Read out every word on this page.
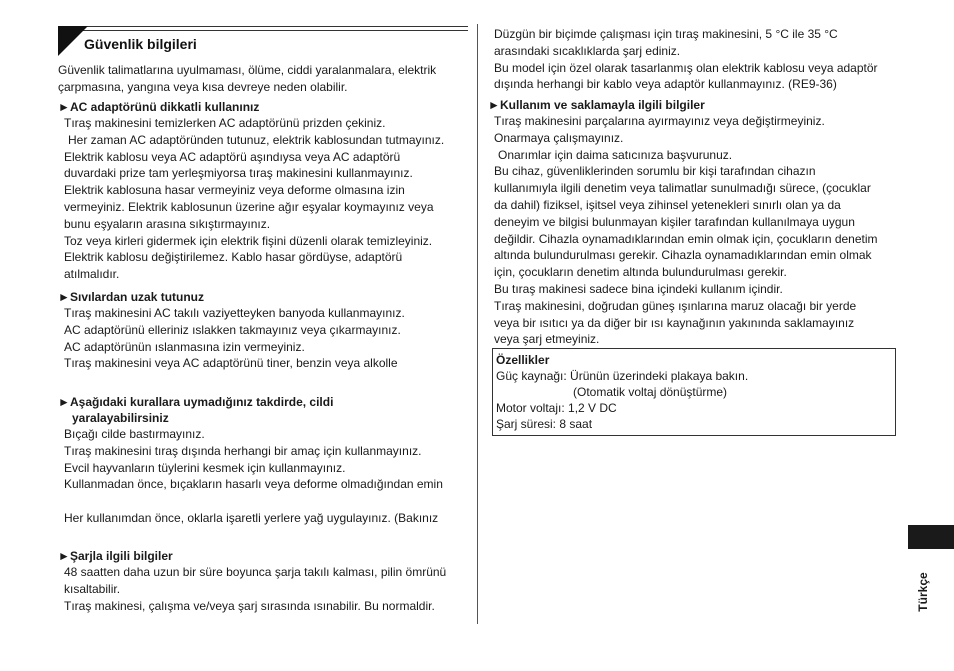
Güvenlik bilgileri

Güvenlik talimatlarına uyulmaması, ölüme, ciddi yaralanmalara, elektrik

çarpmasına, yangına veya kısa devreye neden olabilir.

►AC adaptörünü dikkatli kullanınız

Tıraş makinesini temizlerken AC adaptörünü prizden çekiniz.

Her zaman AC adaptöründen tutunuz, elektrik kablosundan tutmayınız.

Elektrik kablosu veya AC adaptörü aşındıysa veya AC adaptörü

duvardaki prize tam yerleşmiyorsa tıraş makinesini kullanmayınız.

Elektrik kablosuna hasar vermeyiniz veya deforme olmasına izin

vermeyiniz. Elektrik kablosunun üzerine ağır eşyalar koymayınız veya

bunu eşyaların arasına sıkıştırmayınız.

Toz veya kirleri gidermek için elektrik fişini düzenli olarak temizleyiniz.

Elektrik kablosu değiştirilemez. Kablo hasar gördüyse, adaptörü

atılmalıdır.

►Sıvılardan uzak tutunuz

Tıraş makinesini AC takılı vaziyetteyken banyoda kullanmayınız.

AC adaptörünü elleriniz ıslakken takmayınız veya çıkarmayınız.

AC adaptörünün ıslanmasına izin vermeyiniz.

Tıraş makinesini veya AC adaptörünü tiner, benzin veya alkolle

►Aşağıdaki kurallara uymadığınız takdirde, cildi

yaralayabilirsiniz

Bıçağı cilde bastırmayınız.

Tıraş makinesini tıraş dışında herhangi bir amaç için kullanmayınız.

Evcil hayvanların tüylerini kesmek için kullanmayınız.

Kullanmadan önce, bıçakların hasarlı veya deforme olmadığından emin

Her kullanımdan önce, oklarla işaretli yerlere yağ uygulayınız. (Bakınız

►Şarjla ilgili bilgiler

48 saatten daha uzun bir süre boyunca şarja takılı kalması, pilin ömrünü

kısaltabilir.

Tıraş makinesi, çalışma ve/veya şarj sırasında ısınabilir. Bu normaldir.

Düzgün bir biçimde çalışması için tıraş makinesini, 5 °C ile 35 °C

arasındaki sıcaklıklarda şarj ediniz.

Bu model için özel olarak tasarlanmış olan elektrik kablosu veya adaptör

dışında herhangi bir kablo veya adaptör kullanmayınız. (RE9-36)

►Kullanım ve saklamayla ilgili bilgiler

Tıraş makinesini parçalarına ayırmayınız veya değiştirmeyiniz.

Onarmaya çalışmayınız.

Onarımlar için daima satıcınıza başvurunuz.

Bu cihaz, güvenliklerinden sorumlu bir kişi tarafından cihazın

kullanımıyla ilgili denetim veya talimatlar sunulmadığı sürece, (çocuklar

da dahil) fiziksel, işitsel veya zihinsel yetenekleri sınırlı olan ya da

deneyim ve bilgisi bulunmayan kişiler tarafından kullanılmaya uygun

değildir. Cihazla oynamadıklarından emin olmak için, çocukların denetim

altında bulundurulması gerekir. Cihazla oynamadıklarından emin olmak

için, çocukların denetim altında bulundurulması gerekir.

Bu tıraş makinesi sadece bina içindeki kullanım içindir.

Tıraş makinesini, doğrudan güneş ışınlarına maruz olacağı bir yerde

veya bir ısıtıcı ya da diğer bir ısı kaynağının yakınında saklamayınız

veya şarj etmeyiniz.

Özellikler

Güç kaynağı: Ürünün üzerindeki plakaya bakın.

(Otomatik voltaj dönüştürme)

Motor voltajı: 1,2 V DC

Şarj süresi: 8 saat

Türkçe
